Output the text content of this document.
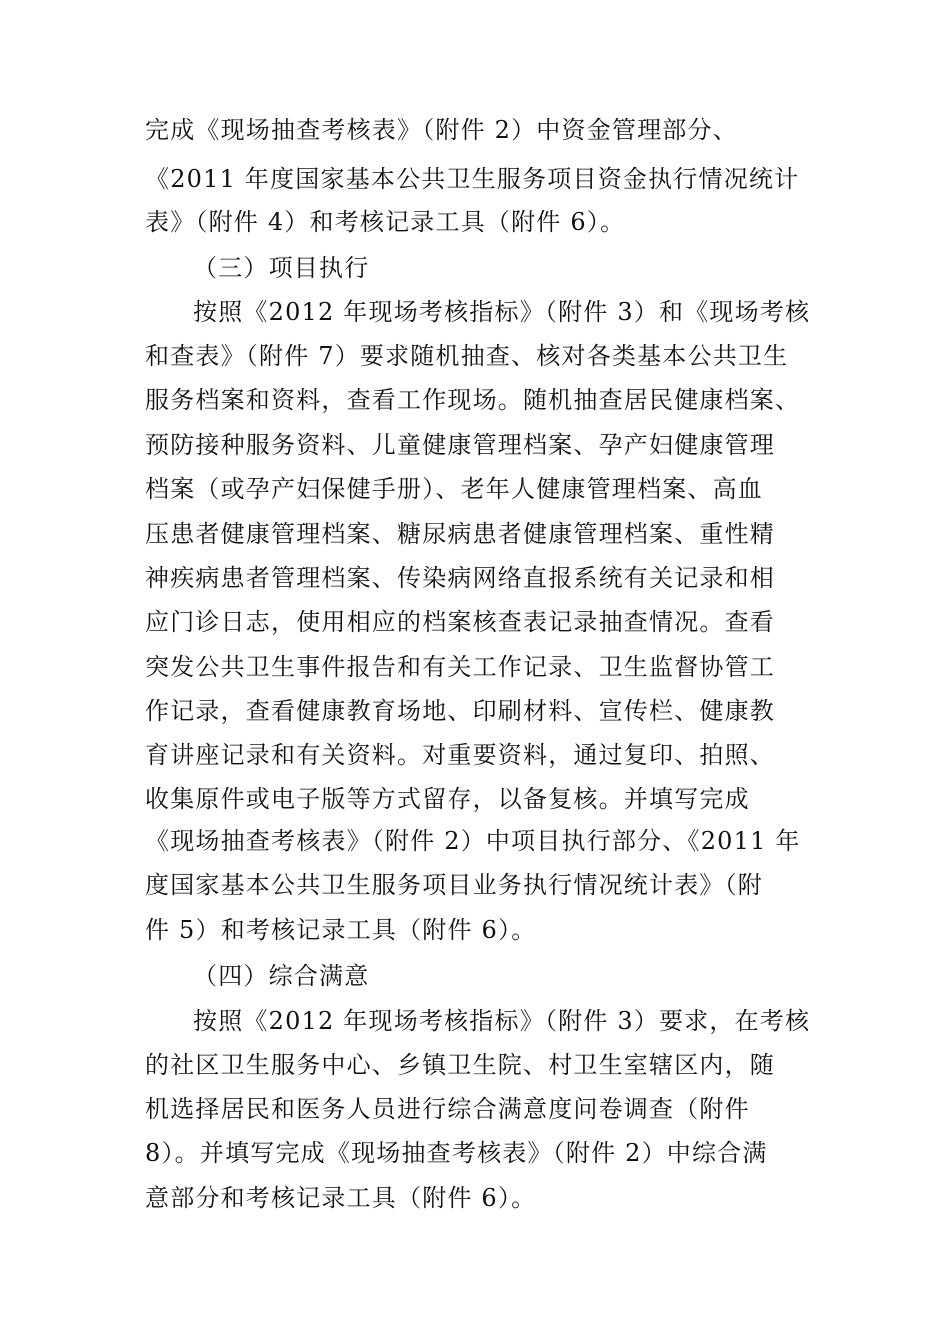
完成《现场抽查考核表》（附件 2）中资金管理部分、
《2011 年度国家基本公共卫生服务项目资金执行情况统计
表》（附件 4）和考核记录工具（附件 6）。
（三）项目执行
按照《2012 年现场考核指标》（附件 3）和《现场考核
和查表》（附件 7）要求随机抽查、核对各类基本公共卫生
服务档案和资料，查看工作现场。随机抽查居民健康档案、
预防接种服务资料、儿童健康管理档案、孕产妇健康管理
档案（或孕产妇保健手册）、老年人健康管理档案、高血
压患者健康管理档案、糖尿病患者健康管理档案、重性精
神疾病患者管理档案、传染病网络直报系统有关记录和相
应门诊日志，使用相应的档案核查表记录抽查情况。查看
突发公共卫生事件报告和有关工作记录、卫生监督协管工
作记录，查看健康教育场地、印刷材料、宣传栏、健康教
育讲座记录和有关资料。对重要资料，通过复印、拍照、
收集原件或电子版等方式留存，以备复核。并填写完成
《现场抽查考核表》（附件 2）中项目执行部分、《2011 年
度国家基本公共卫生服务项目业务执行情况统计表》（附
件 5）和考核记录工具（附件 6）。
（四）综合满意
按照《2012 年现场考核指标》（附件 3）要求，在考核
的社区卫生服务中心、乡镇卫生院、村卫生室辖区内，随
机选择居民和医务人员进行综合满意度问卷调查（附件
8）。并填写完成《现场抽查考核表》（附件 2）中综合满
意部分和考核记录工具（附件 6）。
